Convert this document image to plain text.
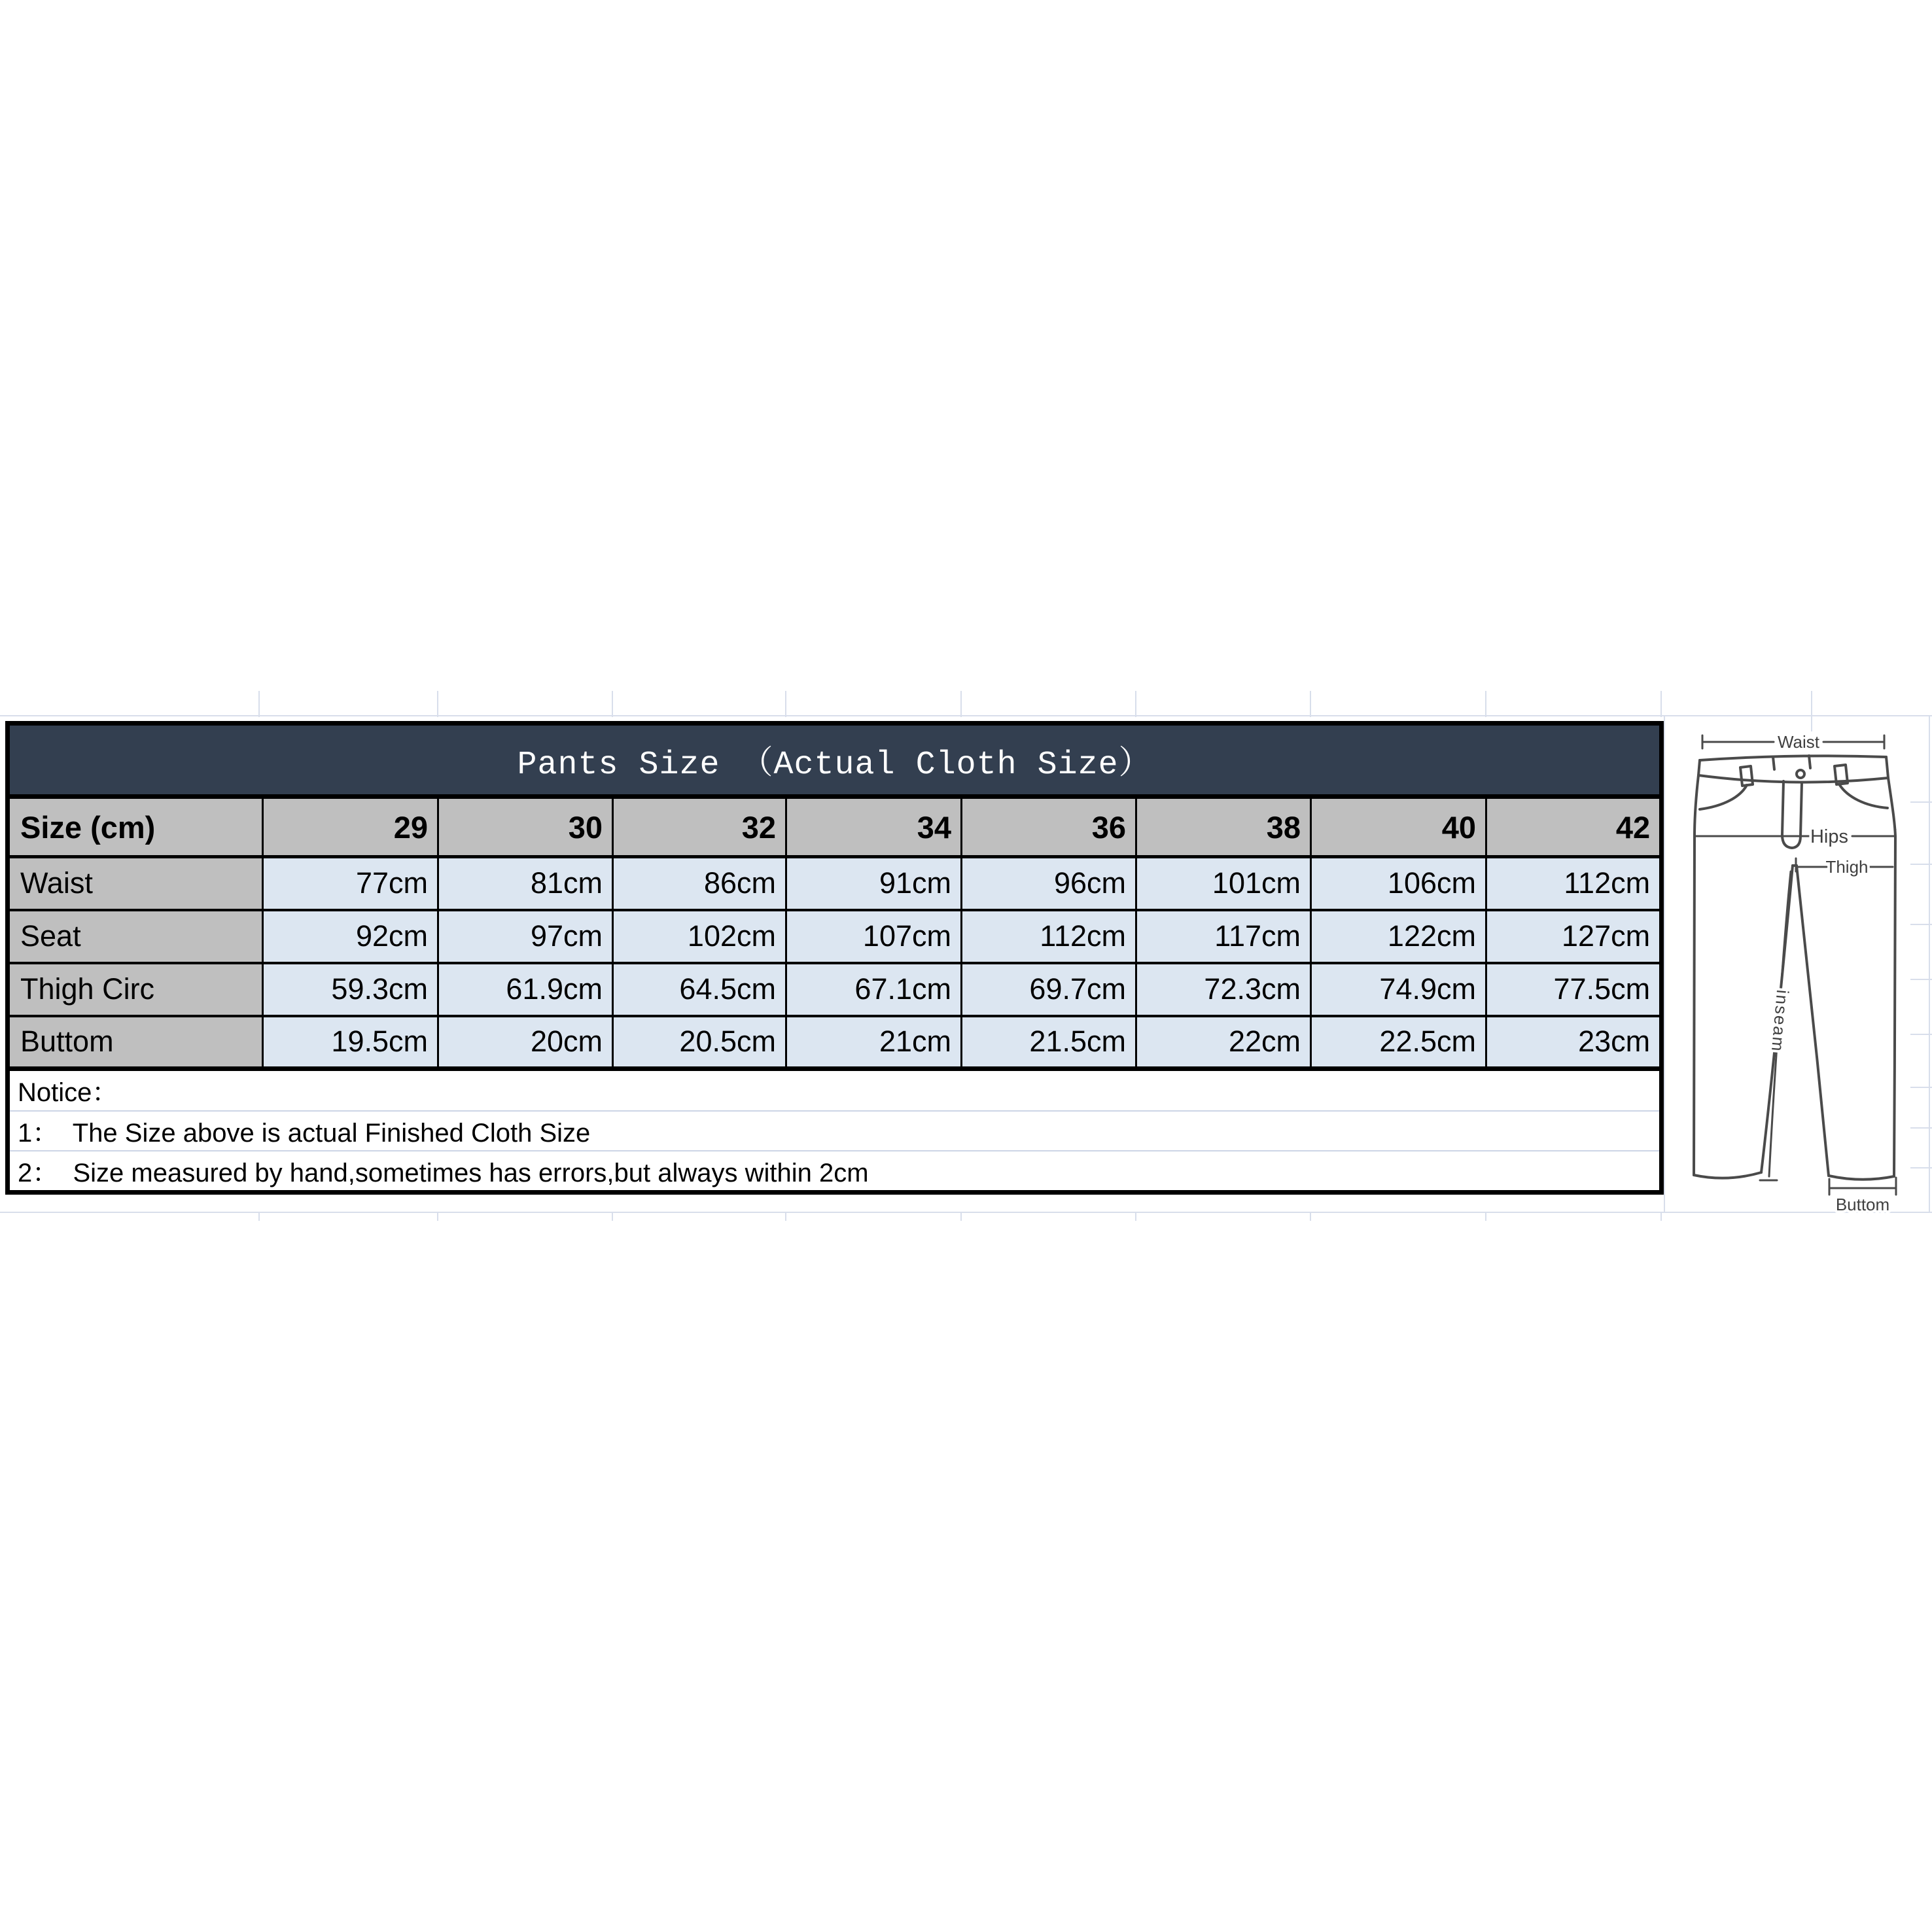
Pants Size （Actual Cloth Size）								
Size (cm)	29	30	32	34	36	38	40	42
Waist	77cm	81cm	86cm	91cm	96cm	101cm	106cm	112cm
Seat	92cm	97cm	102cm	107cm	112cm	117cm	122cm	127cm
Thigh Circ	59.3cm	61.9cm	64.5cm	67.1cm	69.7cm	72.3cm	74.9cm	77.5cm
Buttom	19.5cm	20cm	20.5cm	21cm	21.5cm	22cm	22.5cm	23cm
Notice：								
1：  The Size above is actual Finished Cloth Size								
2：  Size measured by hand,sometimes has errors,but always within 2cm								
Waist
Hips
Thigh
inseam
Buttom
